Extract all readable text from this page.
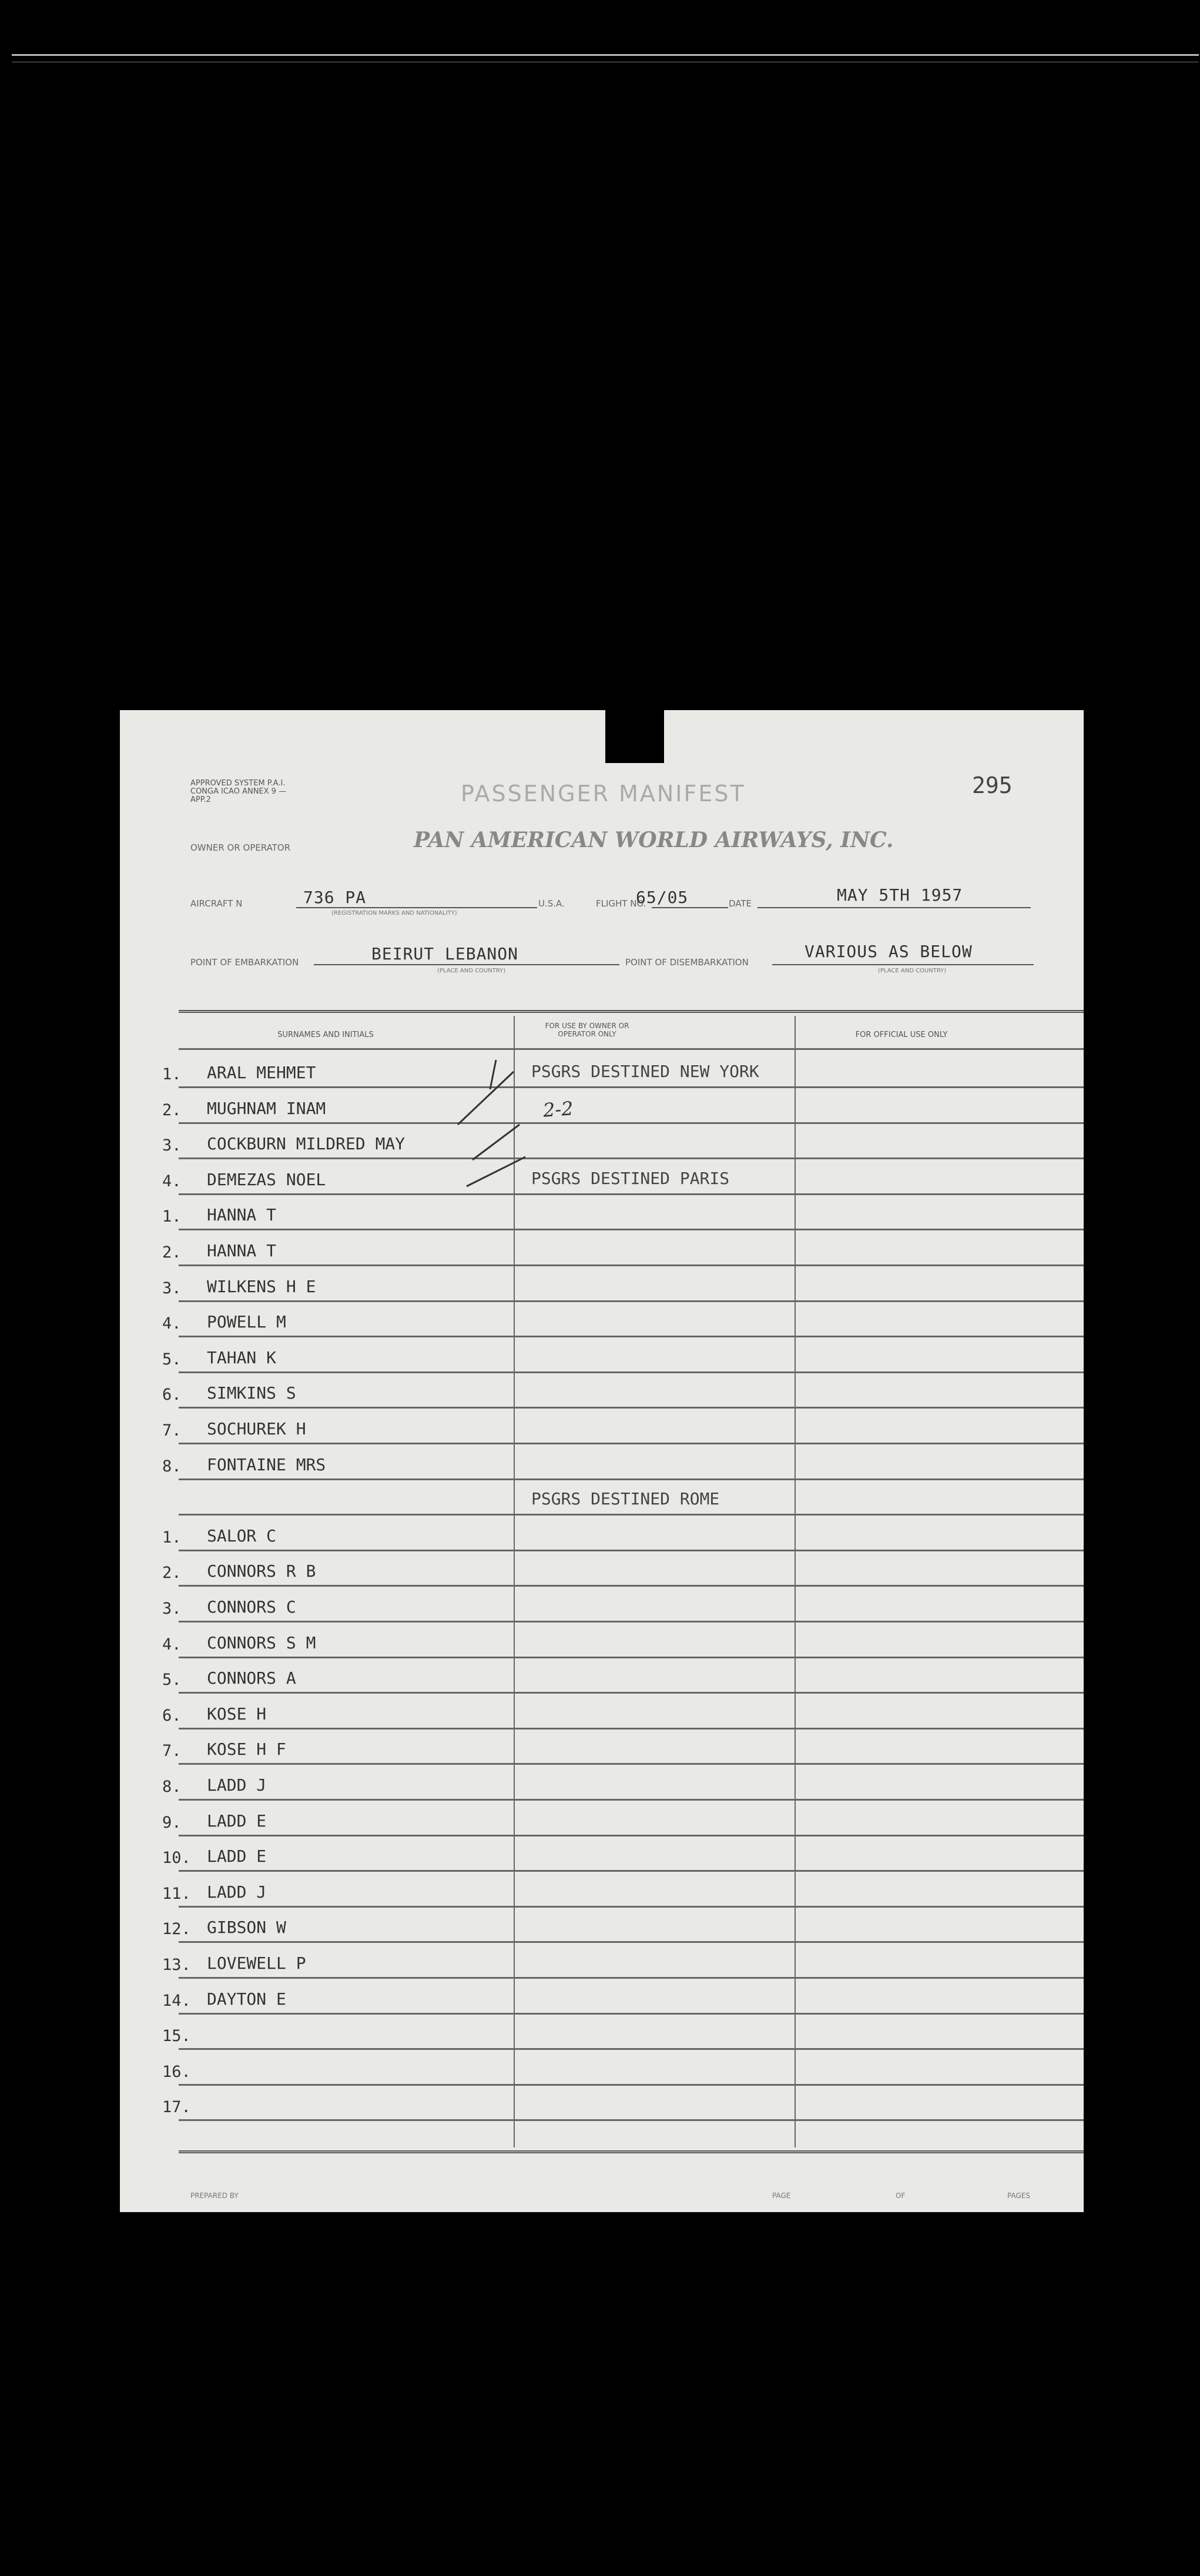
APPROVED SYSTEM P.A.I. CONGA ICAO ANNEX 9 — APP.2	PASSENGER MANIFEST	295
OWNER OR OPERATOR	PAN AMERICAN WORLD AIRWAYS, INC.
AIRCRAFT N	736 PA
(REGISTRATION MARKS AND NATIONALITY)
U.S.A.	FLIGHT NO.
65/05	DATE	MAY 5TH 1957
POINT OF EMBARKATION	BEIRUT LEBANON
(PLACE AND COUNTRY)
POINT OF DISEMBARKATION
VARIOUS AS BELOW
(PLACE AND COUNTRY)
SURNAMES AND INITIALS
FOR USE BY OWNER OR OPERATOR ONLY	FOR OFFICIAL USE ONLY
1. ARAL MEHMET	PSGRS DESTINED NEW YORK
2. MUGHNAM INAM
3. COCKBURN MILDRED MAY
4. DEMEZAS NOEL	PSGRS DESTINED PARIS
1. HANNA T
2. HANNA T
3. WILKENS H E
4. POWELL M
5. TAHAN K
6. SIMKINS S
7. SOCHUREK H
8. FONTAINE MRS
PSGRS DESTINED ROME
1. SALOR C
2. CONNORS R B
3. CONNORS C
4. CONNORS S M
5. CONNORS A
6. KOSE H
7. KOSE H F
8. LADD J
9. LADD E
10. LADD E
11. LADD J
12. GIBSON W
13. LOVEWELL P
14. DAYTON E
15.
16.
17.
2-2
PREPARED BY	PAGE	OF	PAGES
